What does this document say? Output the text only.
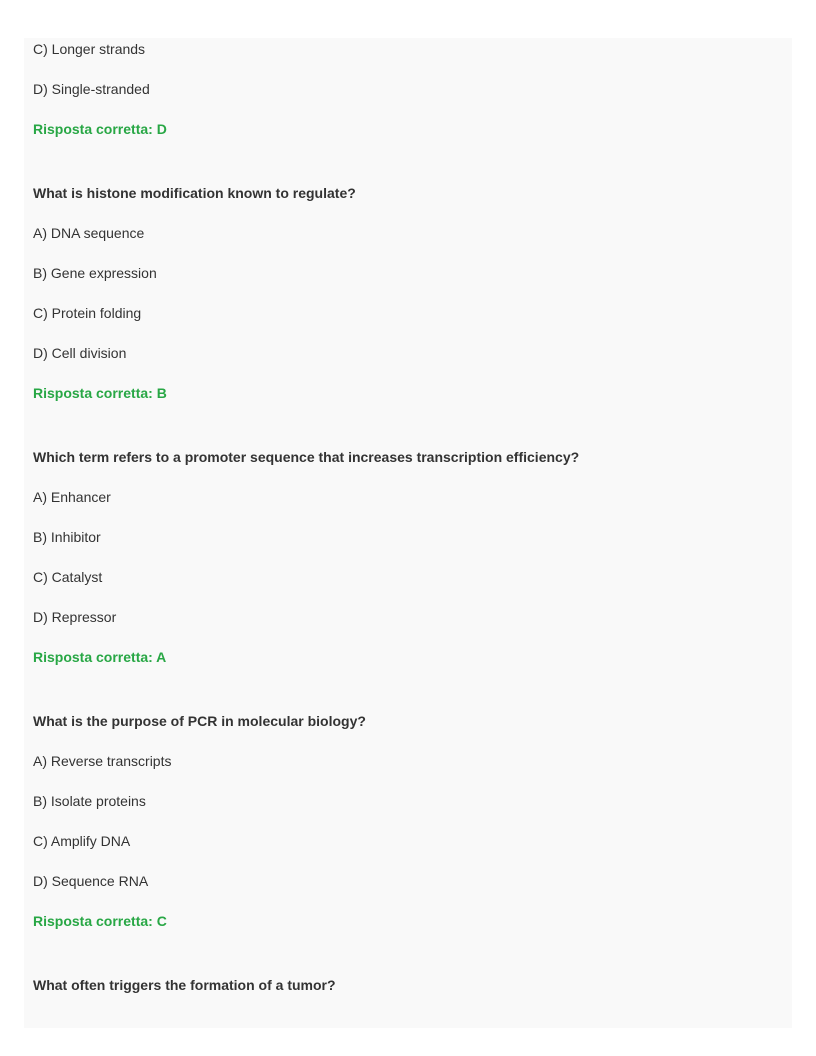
C) Longer strands
D) Single-stranded
Risposta corretta: D
What is histone modification known to regulate?
A) DNA sequence
B) Gene expression
C) Protein folding
D) Cell division
Risposta corretta: B
Which term refers to a promoter sequence that increases transcription efficiency?
A) Enhancer
B) Inhibitor
C) Catalyst
D) Repressor
Risposta corretta: A
What is the purpose of PCR in molecular biology?
A) Reverse transcripts
B) Isolate proteins
C) Amplify DNA
D) Sequence RNA
Risposta corretta: C
What often triggers the formation of a tumor?
